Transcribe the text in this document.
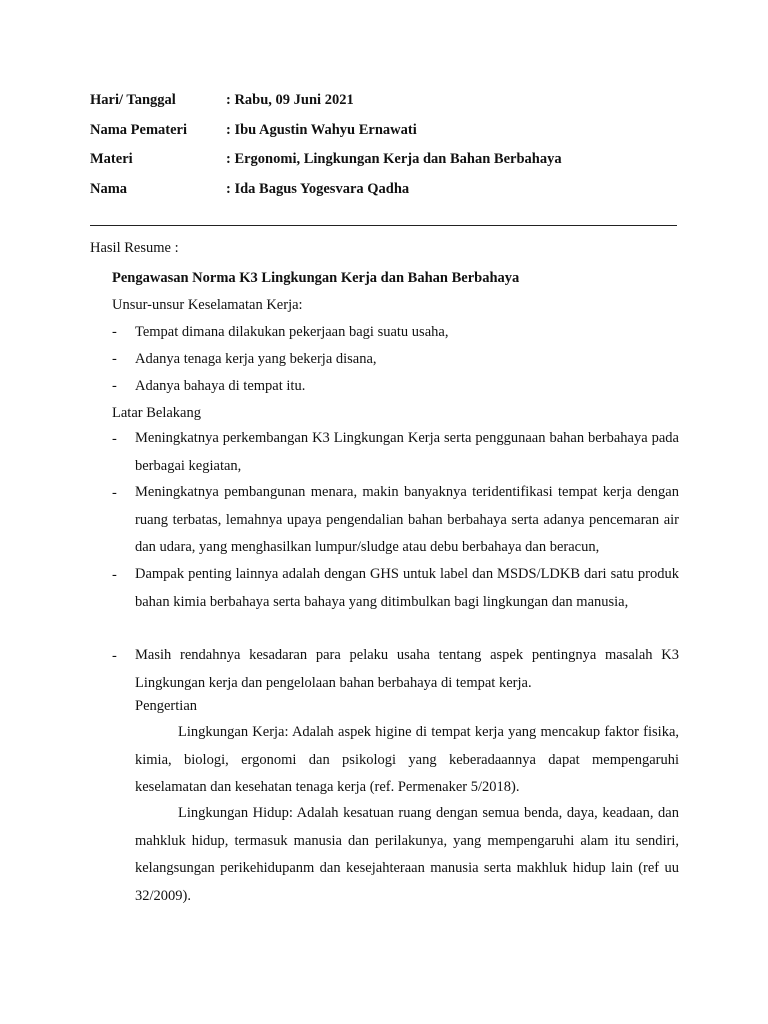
Hari/ Tanggal	: Rabu, 09 Juni 2021
Nama Pemateri	: Ibu Agustin Wahyu Ernawati
Materi	: Ergonomi, Lingkungan Kerja dan Bahan Berbahaya
Nama	: Ida Bagus Yogesvara Qadha
Hasil Resume :
Pengawasan Norma K3 Lingkungan Kerja dan Bahan Berbahaya
Unsur-unsur Keselamatan Kerja:
- Tempat dimana dilakukan pekerjaan bagi suatu usaha,
- Adanya tenaga kerja yang bekerja disana,
- Adanya bahaya di tempat itu.
Latar Belakang
- Meningkatnya perkembangan K3 Lingkungan Kerja serta penggunaan bahan berbahaya pada berbagai kegiatan,
- Meningkatnya pembangunan menara, makin banyaknya teridentifikasi tempat kerja dengan ruang terbatas, lemahnya upaya pengendalian bahan berbahaya serta adanya pencemaran air dan udara, yang menghasilkan lumpur/sludge atau debu berbahaya dan beracun,
- Dampak penting lainnya adalah dengan GHS untuk label dan MSDS/LDKB dari satu produk bahan kimia berbahaya serta bahaya yang ditimbulkan bagi lingkungan dan manusia,
- Masih rendahnya kesadaran para pelaku usaha tentang aspek pentingnya masalah K3 Lingkungan kerja dan pengelolaan bahan berbahaya di tempat kerja.
Pengertian
Lingkungan Kerja: Adalah aspek higine di tempat kerja yang mencakup faktor fisika, kimia, biologi, ergonomi dan psikologi yang keberadaannya dapat mempengaruhi keselamatan dan kesehatan tenaga kerja (ref. Permenaker 5/2018).
Lingkungan Hidup: Adalah kesatuan ruang dengan semua benda, daya, keadaan, dan mahkluk hidup, termasuk manusia dan perilakunya, yang mempengaruhi alam itu sendiri, kelangsungan perikehidupanm dan kesejahteraan manusia serta makhluk hidup lain (ref uu 32/2009).
